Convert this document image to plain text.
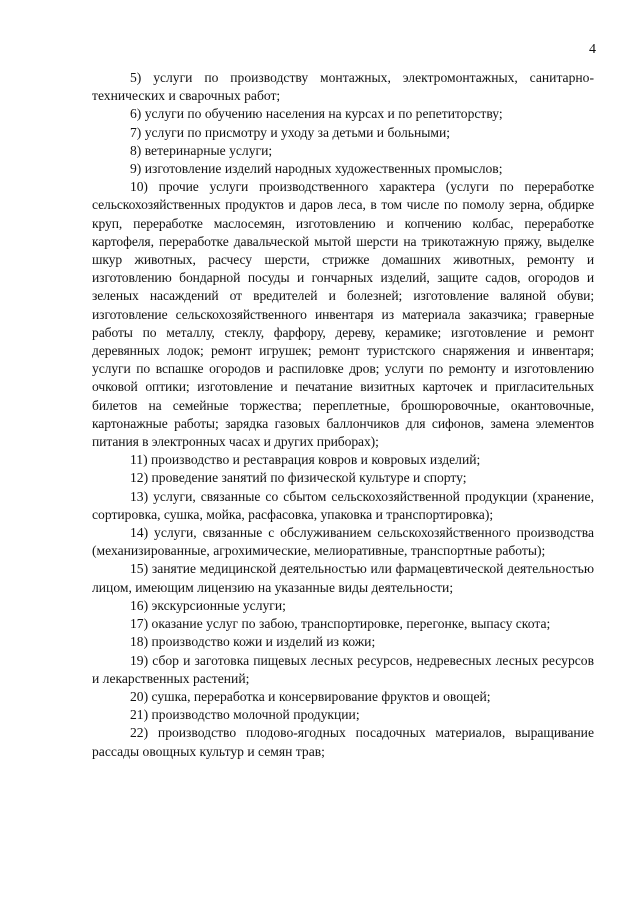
4

5) услуги по производству монтажных, электромонтажных, санитарно-технических и сварочных работ;

6) услуги по обучению населения на курсах и по репетиторству;

7) услуги по присмотру и уходу за детьми и больными;

8) ветеринарные услуги;

9) изготовление изделий народных художественных промыслов;

10) прочие услуги производственного характера (услуги по переработке сельскохозяйственных продуктов и даров леса, в том числе по помолу зерна, обдирке круп, переработке маслосемян, изготовлению и копчению колбас, переработке картофеля, переработке давальческой мытой шерсти на трикотажную пряжу, выделке шкур животных, расчесу шерсти, стрижке домашних животных, ремонту и изготовлению бондарной посуды и гончарных изделий, защите садов, огородов и зеленых насаждений от вредителей и болезней; изготовление валяной обуви; изготовление сельскохозяйственного инвентаря из материала заказчика; граверные работы по металлу, стеклу, фарфору, дереву, керамике; изготовление и ремонт деревянных лодок; ремонт игрушек; ремонт туристского снаряжения и инвентаря; услуги по вспашке огородов и распиловке дров; услуги по ремонту и изготовлению очковой оптики; изготовление и печатание визитных карточек и пригласительных билетов на семейные торжества; переплетные, брошюровочные, окантовочные, картонажные работы; зарядка газовых баллончиков для сифонов, замена элементов питания в электронных часах и других приборах);

11) производство и реставрация ковров и ковровых изделий;

12) проведение занятий по физической культуре и спорту;

13) услуги, связанные со сбытом сельскохозяйственной продукции (хранение, сортировка, сушка, мойка, расфасовка, упаковка и транспортировка);

14) услуги, связанные с обслуживанием сельскохозяйственного производства (механизированные, агрохимические, мелиоративные, транспортные работы);

15) занятие медицинской деятельностью или фармацевтической деятельностью лицом, имеющим лицензию на указанные виды деятельности;

16) экскурсионные услуги;

17) оказание услуг по забою, транспортировке, перегонке, выпасу скота;

18) производство кожи и изделий из кожи;

19) сбор и заготовка пищевых лесных ресурсов, недревесных лесных ресурсов и лекарственных растений;

20) сушка, переработка и консервирование фруктов и овощей;

21) производство молочной продукции;

22) производство плодово-ягодных посадочных материалов, выращивание рассады овощных культур и семян трав;
